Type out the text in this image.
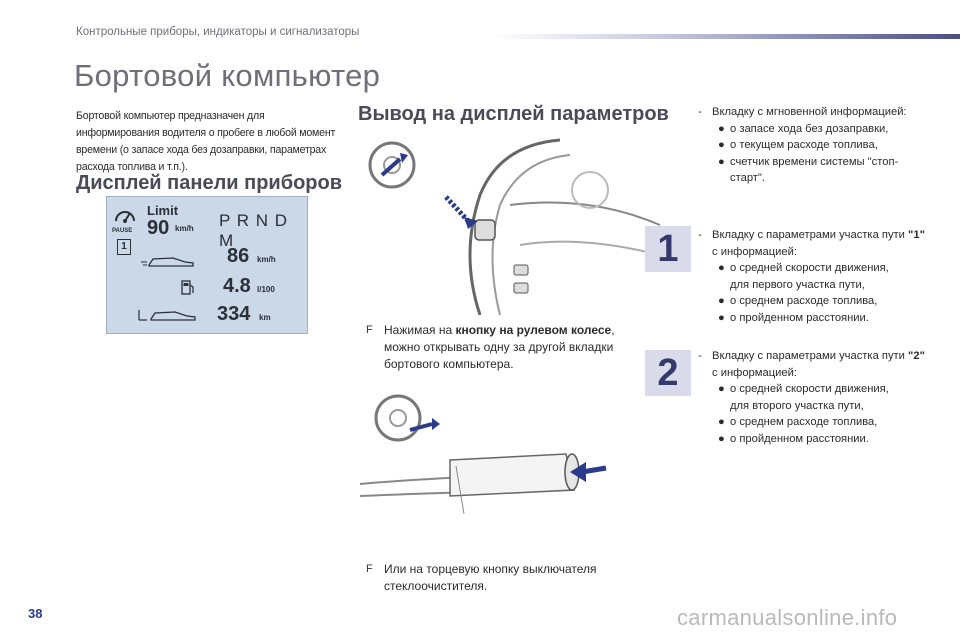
Контрольные приборы, индикаторы и сигнализаторы
Бортовой компьютер
Бортовой компьютер предназначен для информирования водителя о пробеге в любой момент времени (о запасе хода без дозаправки, параметрах расхода топлива и т.п.).
Дисплей панели приборов
Limit
90 km/h P R N D M
PAUSE
1	86 km/h
4.8 l/100
334 km
Вывод на дисплей параметров
F Нажимая на кнопку на рулевом колесе, можно открывать одну за другой вкладки бортового компьютера.
F Или на торцевую кнопку выключателя стеклоочистителя.
- Вкладку с мгновенной информацией:
● о запасе хода без дозаправки,
● о текущем расходе топлива,
● счетчик времени системы "стоп-старт".
- Вкладку с параметрами участка пути "1" с информацией:
● о средней скорости движения,
для первого участка пути,
● о среднем расходе топлива,
● о пройденном расстоянии.
- Вкладку с параметрами участка пути "2" с информацией:
● о средней скорости движения,
для второго участка пути,
● о среднем расходе топлива,
● о пройденном расстоянии.
1
2
38	carmanualsonline.info
